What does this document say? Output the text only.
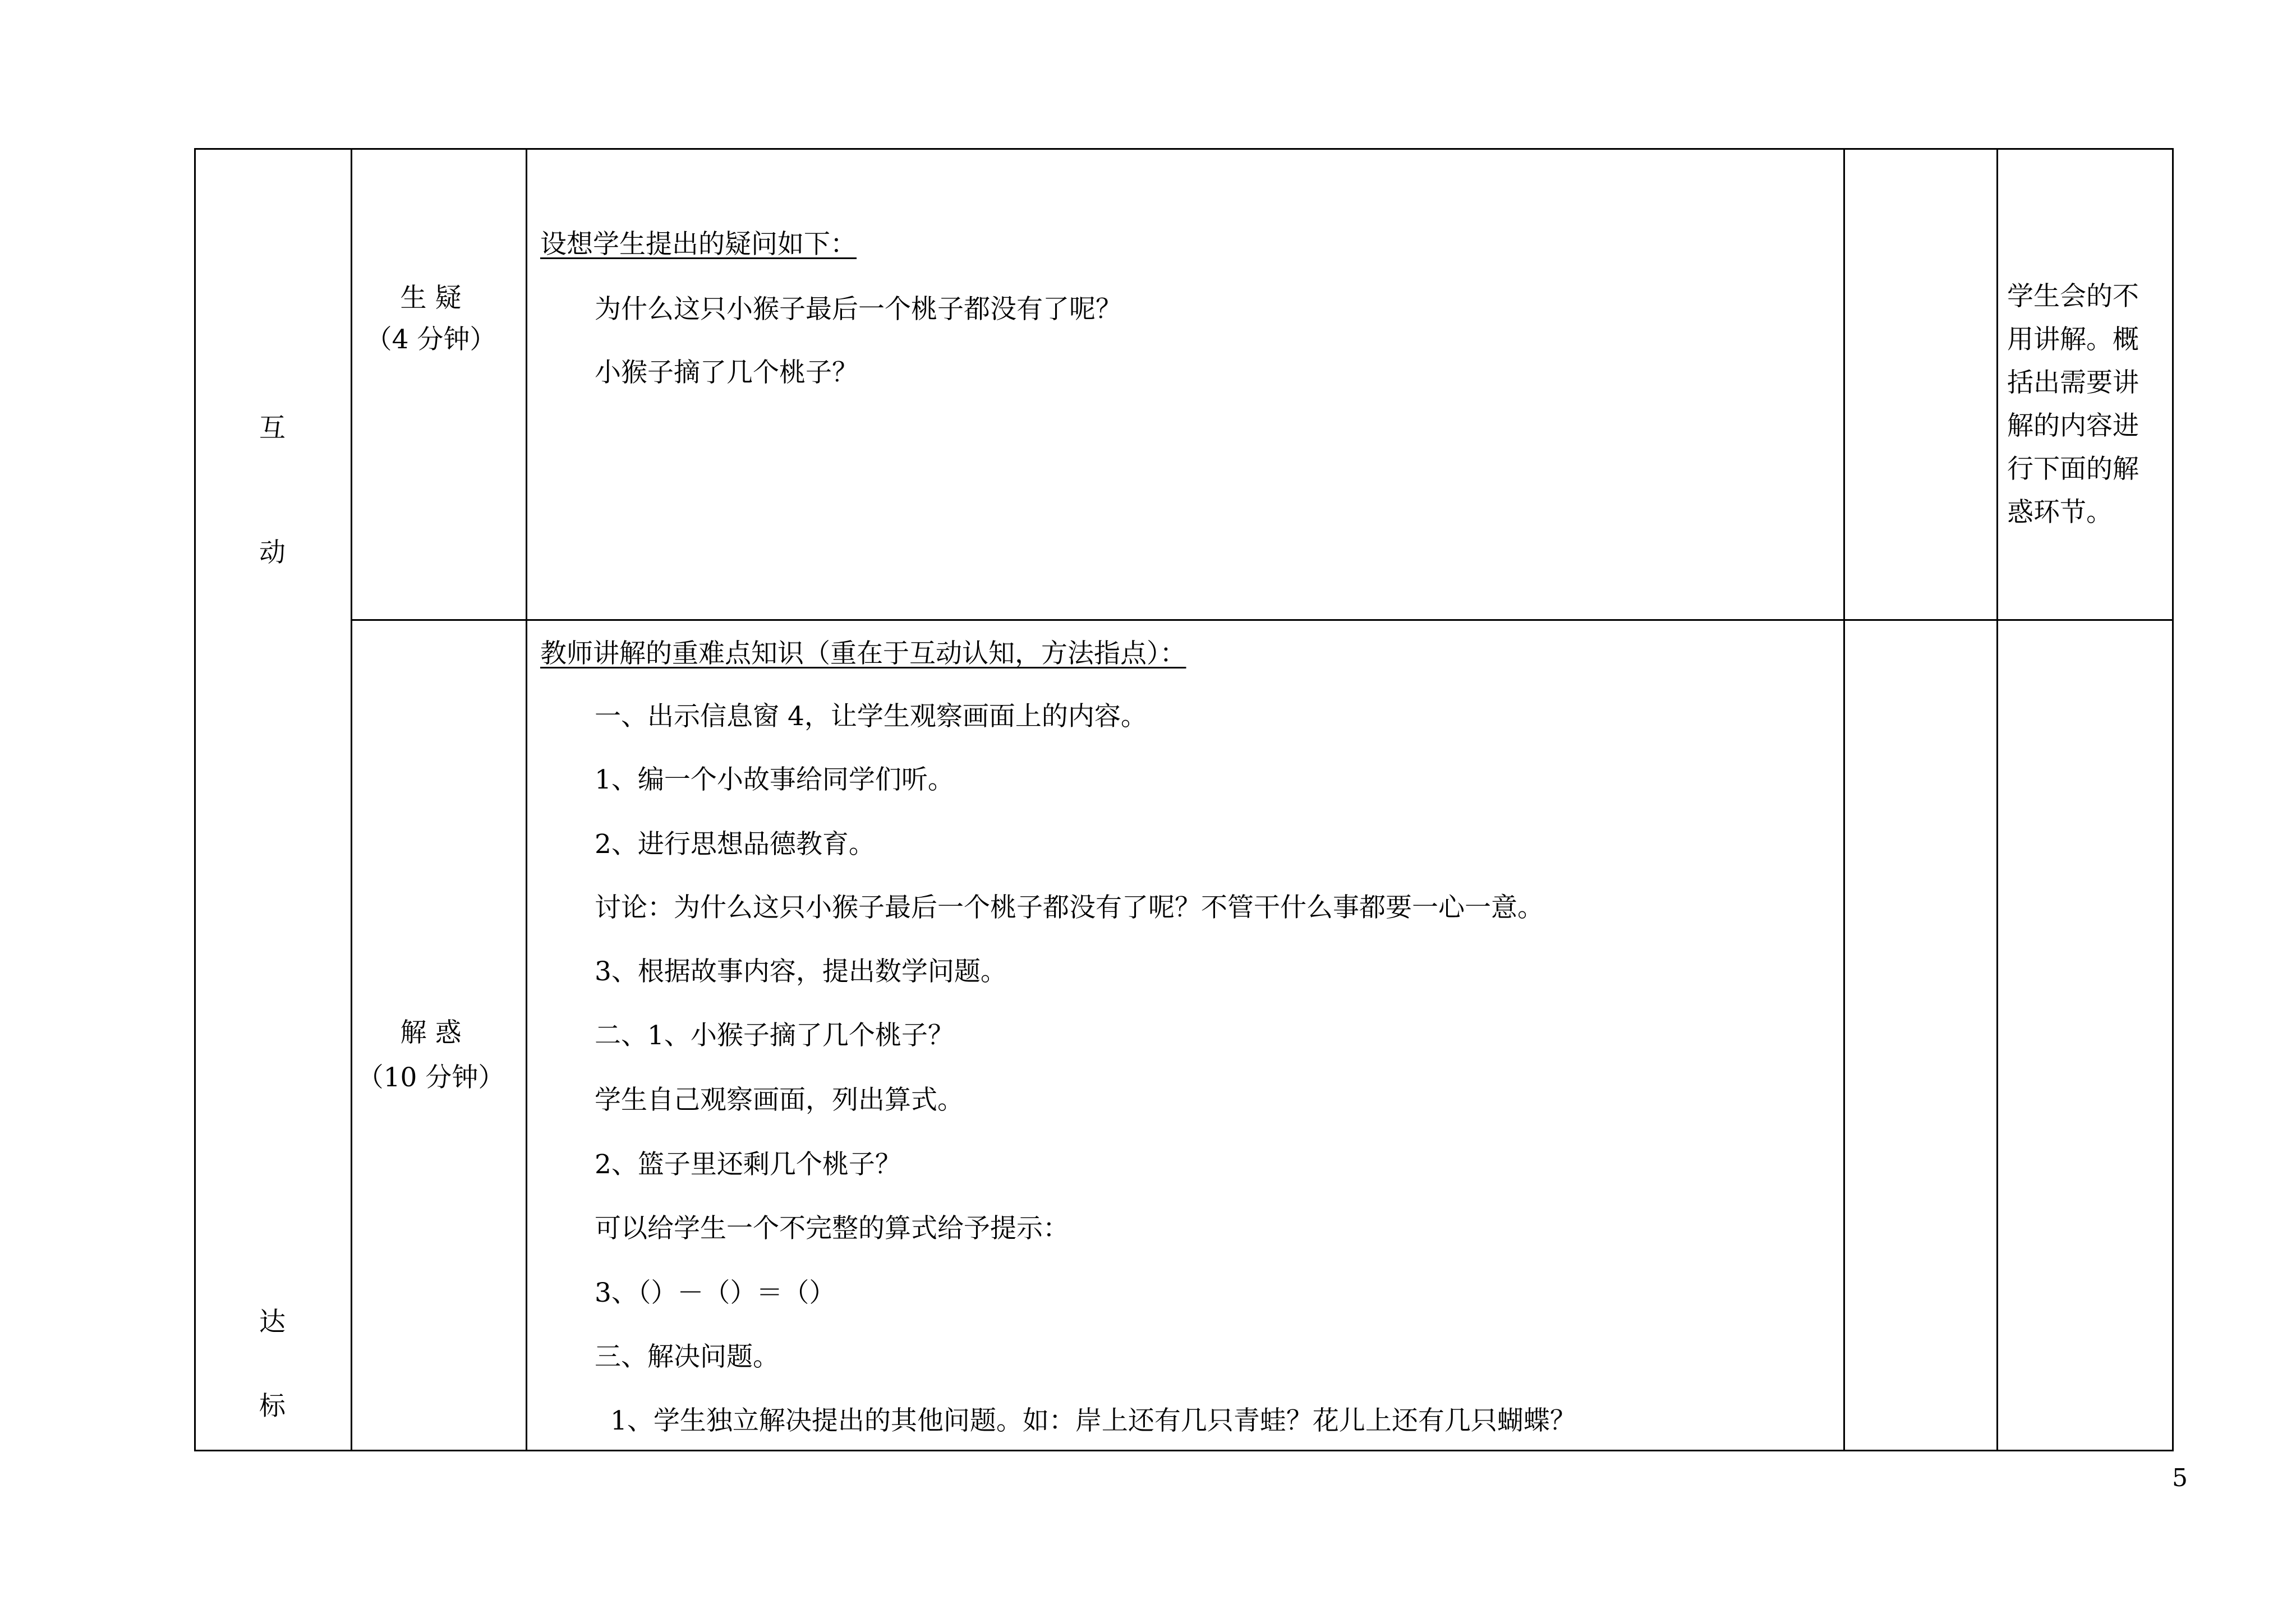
互
动
达
标
生 疑
（4 分钟）
设想学生提出的疑问如下：
为什么这只小猴子最后一个桃子都没有了呢？
小猴子摘了几个桃子？
学生会的不
用讲解。概
括出需要讲
解的内容进
行下面的解
惑环节。
解 惑
（10 分钟）
教师讲解的重难点知识（重在于互动认知，方法指点）：
一、出示信息窗 4，让学生观察画面上的内容。
1、编一个小故事给同学们听。
2、进行思想品德教育。
讨论：为什么这只小猴子最后一个桃子都没有了呢？不管干什么事都要一心一意。
3、根据故事内容，提出数学问题。
二、1、小猴子摘了几个桃子？
学生自己观察画面，列出算式。
2、篮子里还剩几个桃子？
可以给学生一个不完整的算式给予提示：
3、（）－（）＝（）
三、解决问题。
1、学生独立解决提出的其他问题。如：岸上还有几只青蛙？花儿上还有几只蝴蝶？
5
